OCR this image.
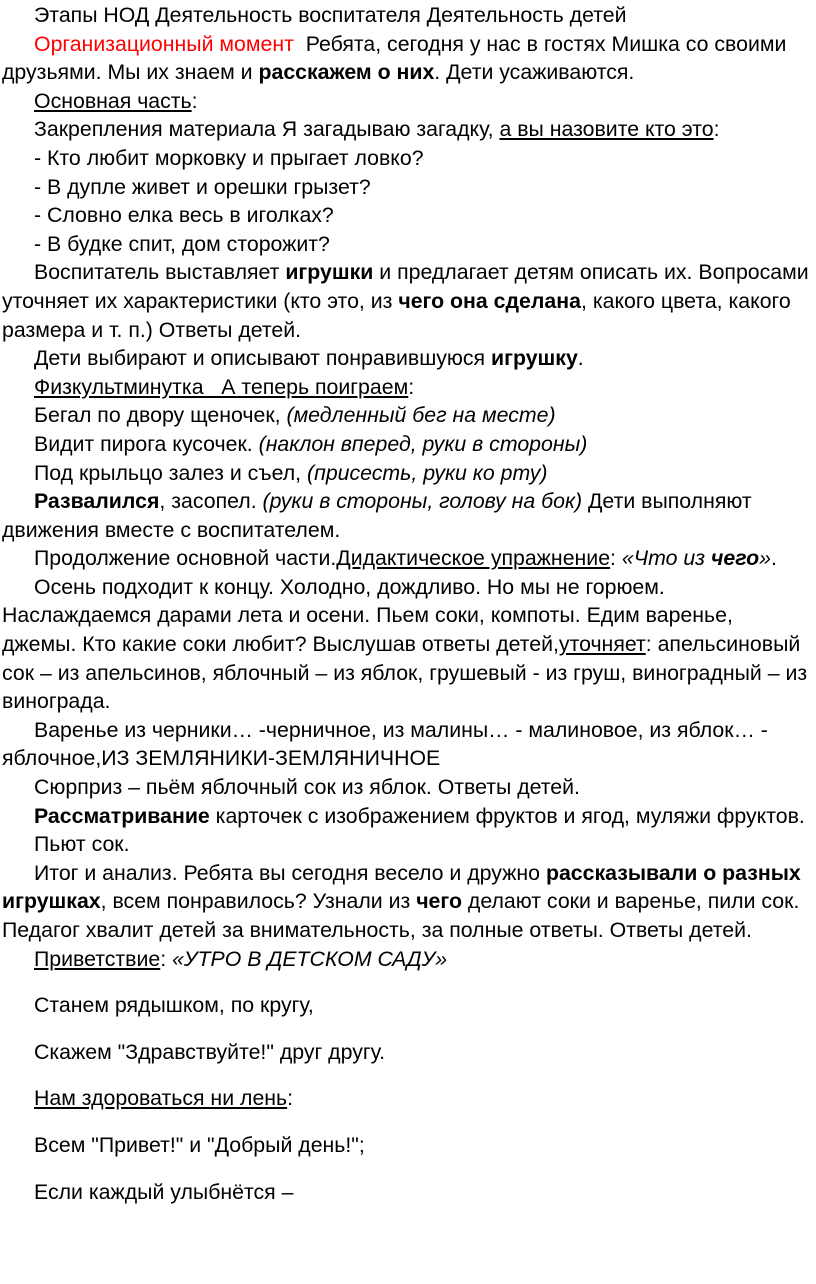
Этапы НОД Деятельность воспитателя Деятельность детей

Организационный момент  Ребята, сегодня у нас в гостях Мишка со своими друзьями. Мы их знаем и расскажем о них. Дети усаживаются.

Основная часть:

Закрепления материала Я загадываю загадку, а вы назовите кто это:

- Кто любит морковку и прыгает ловко?

- В дупле живет и орешки грызет?

- Словно елка весь в иголках?

- В будке спит, дом сторожит?

Воспитатель выставляет игрушки и предлагает детям описать их. Вопросами уточняет их характеристики (кто это, из чего она сделана, какого цвета, какого размера и т. п.) Ответы детей.

Дети выбирают и описывают понравившуюся игрушку.

Физкультминутка   А теперь поиграем:

Бегал по двору щеночек, (медленный бег на месте)

Видит пирога кусочек. (наклон вперед, руки в стороны)

Под крыльцо залез и съел, (присесть, руки ко рту)

Развалился, засопел. (руки в стороны, голову на бок) Дети выполняют движения вместе с воспитателем.

Продолжение основной части.Дидактическое упражнение: «Что из чего».

Осень подходит к концу. Холодно, дождливо. Но мы не горюем. Наслаждаемся дарами лета и осени. Пьем соки, компоты. Едим варенье, джемы. Кто какие соки любит? Выслушав ответы детей,уточняет: апельсиновый сок – из апельсинов, яблочный – из яблок, грушевый - из груш, виноградный – из винограда.

Варенье из черники… -черничное, из малины… - малиновое, из яблок… - яблочное,ИЗ ЗЕМЛЯНИКИ-ЗЕМЛЯНИЧНОЕ

Сюрприз – пьём яблочный сок из яблок. Ответы детей.

Рассматривание карточек с изображением фруктов и ягод, муляжи фруктов.

Пьют сок.

Итог и анализ. Ребята вы сегодня весело и дружно рассказывали о разных игрушках, всем понравилось? Узнали из чего делают соки и варенье, пили сок.

Педагог хвалит детей за внимательность, за полные ответы. Ответы детей.

Приветствие: «УТРО В ДЕТСКОМ САДУ»

Станем рядышком, по кругу,

Скажем "Здравствуйте!" друг другу.

Нам здороваться ни лень:

Всем "Привет!" и "Добрый день!";

Если каждый улыбнётся –
